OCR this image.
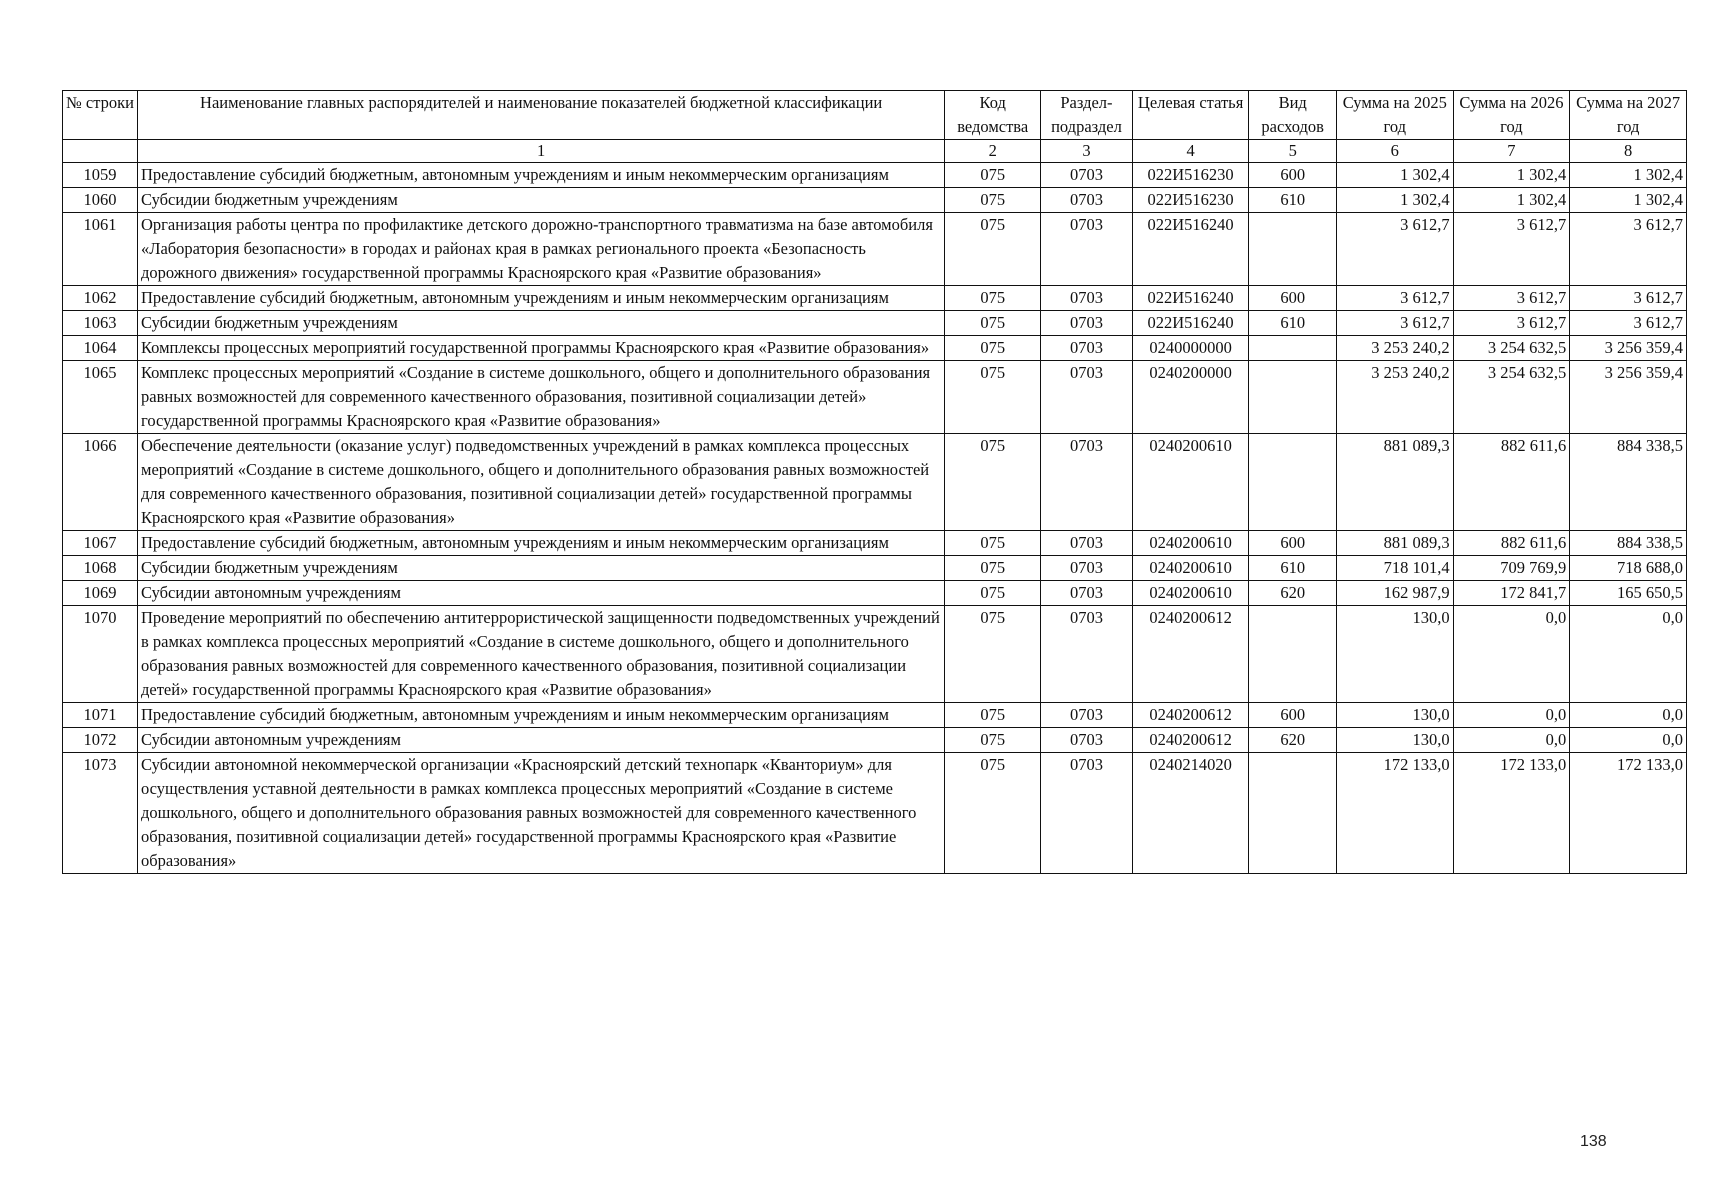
№ строки	Наименование главных распорядителей и наименование показателей бюджетной классификации	Код ведомства	Раздел-подраздел	Целевая статья	Вид расходов	Сумма на 2025 год	Сумма на 2026 год	Сумма на 2027 год
	1	2	3	4	5	6	7	8
1059	Предоставление субсидий бюджетным, автономным учреждениям и иным некоммерческим организациям	075	0703	022И516230	600	1 302,4	1 302,4	1 302,4
1060	Субсидии бюджетным учреждениям	075	0703	022И516230	610	1 302,4	1 302,4	1 302,4
1061	Организация работы центра по профилактике детского дорожно-транспортного травматизма на базе автомобиля «Лаборатория безопасности» в городах и районах края в рамках регионального проекта «Безопасность дорожного движения» государственной программы Красноярского края «Развитие образования»	075	0703	022И516240		3 612,7	3 612,7	3 612,7
1062	Предоставление субсидий бюджетным, автономным учреждениям и иным некоммерческим организациям	075	0703	022И516240	600	3 612,7	3 612,7	3 612,7
1063	Субсидии бюджетным учреждениям	075	0703	022И516240	610	3 612,7	3 612,7	3 612,7
1064	Комплексы процессных мероприятий государственной программы Красноярского края «Развитие образования»	075	0703	0240000000		3 253 240,2	3 254 632,5	3 256 359,4
1065	Комплекс процессных мероприятий «Создание в системе дошкольного, общего и дополнительного образования равных возможностей для современного качественного образования, позитивной социализации детей» государственной программы Красноярского края «Развитие образования»	075	0703	0240200000		3 253 240,2	3 254 632,5	3 256 359,4
1066	Обеспечение деятельности (оказание услуг) подведомственных учреждений в рамках комплекса процессных мероприятий «Создание в системе дошкольного, общего и дополнительного образования равных возможностей для современного качественного образования, позитивной социализации детей» государственной программы Красноярского края «Развитие образования»	075	0703	0240200610		881 089,3	882 611,6	884 338,5
1067	Предоставление субсидий бюджетным, автономным учреждениям и иным некоммерческим организациям	075	0703	0240200610	600	881 089,3	882 611,6	884 338,5
1068	Субсидии бюджетным учреждениям	075	0703	0240200610	610	718 101,4	709 769,9	718 688,0
1069	Субсидии автономным учреждениям	075	0703	0240200610	620	162 987,9	172 841,7	165 650,5
1070	Проведение мероприятий по обеспечению антитеррористической защищенности подведомственных учреждений в рамках комплекса процессных мероприятий «Создание в системе дошкольного, общего и дополнительного образования равных возможностей для современного качественного образования, позитивной социализации детей» государственной программы Красноярского края «Развитие образования»	075	0703	0240200612		130,0	0,0	0,0
1071	Предоставление субсидий бюджетным, автономным учреждениям и иным некоммерческим организациям	075	0703	0240200612	600	130,0	0,0	0,0
1072	Субсидии автономным учреждениям	075	0703	0240200612	620	130,0	0,0	0,0
1073	Субсидии автономной некоммерческой организации «Красноярский детский технопарк «Кванториум» для осуществления уставной деятельности в рамках комплекса процессных мероприятий «Создание в системе дошкольного, общего и дополнительного образования равных возможностей для современного качественного образования, позитивной социализации детей» государственной программы Красноярского края «Развитие образования»	075	0703	0240214020		172 133,0	172 133,0	172 133,0
138
